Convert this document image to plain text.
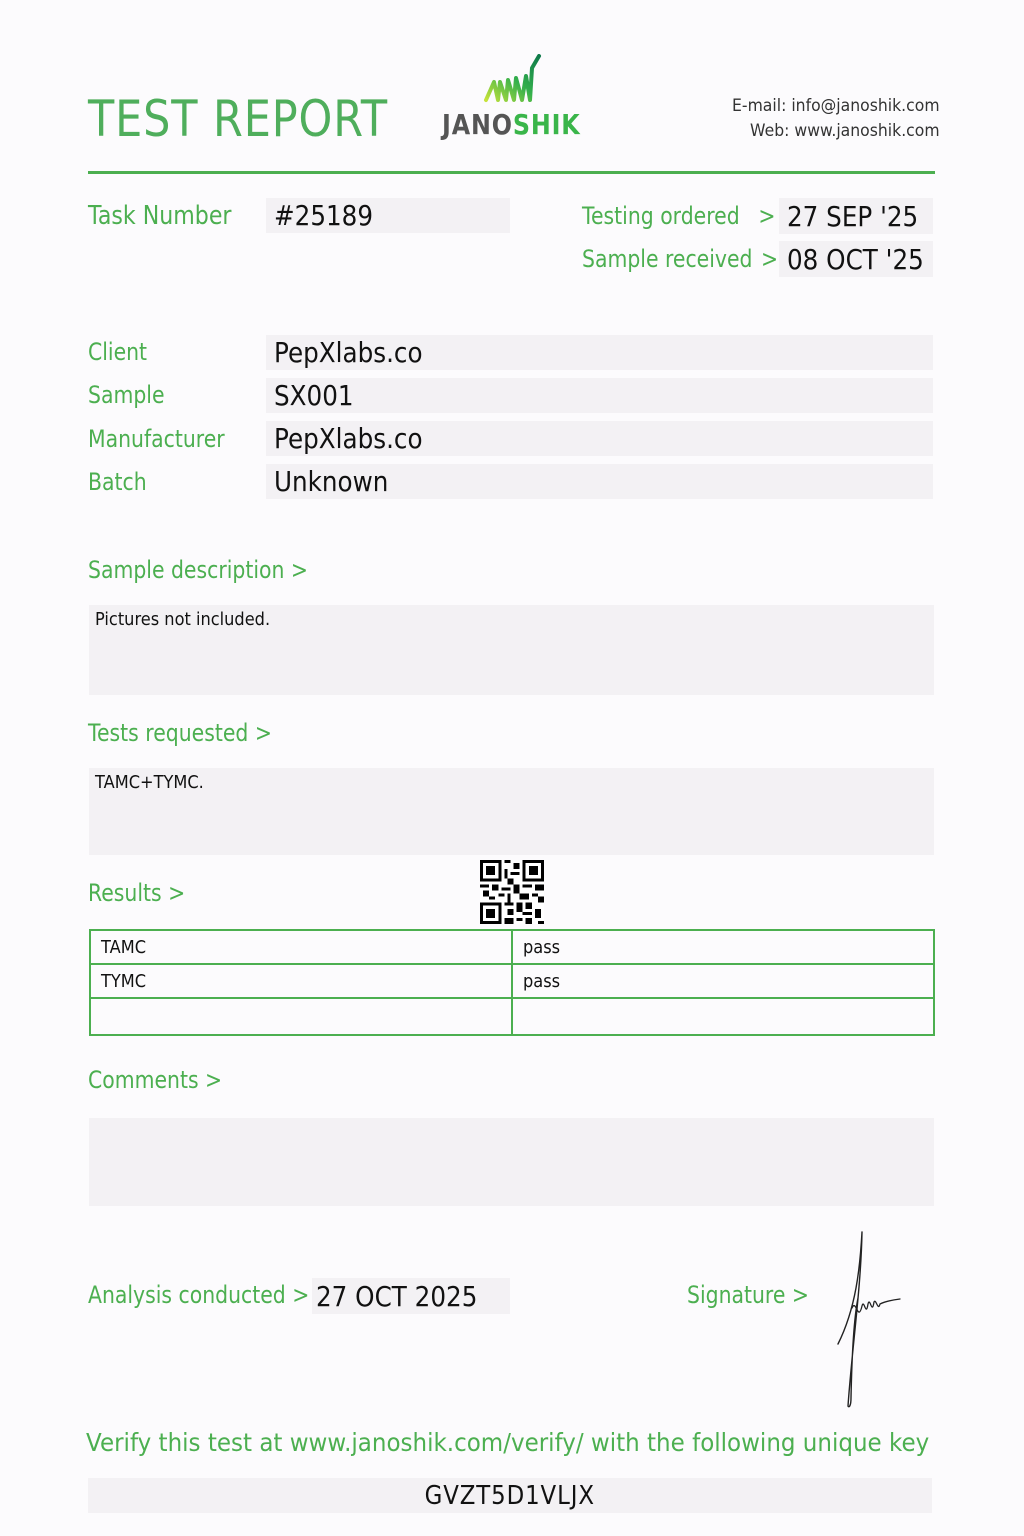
TEST REPORT JANOSHIK
E-mail: info@janoshik.com
Web: www.janoshik.com
Task Number #25189	Testing ordered > 27 SEP '25
Sample received > 08 OCT '25
Client	PepXlabs.co
Sample	SX001
Manufacturer PepXlabs.co
Batch	Unknown
Sample description >
Pictures not included.
Tests requested >
TAMC+TYMC.
Results >
TAMC	pass
TYMC	pass

Comments >
Analysis conducted > 27 OCT 2025	Signature >
Verify this test at www.janoshik.com/verify/ with the following unique key
GVZT5D1VLJX
